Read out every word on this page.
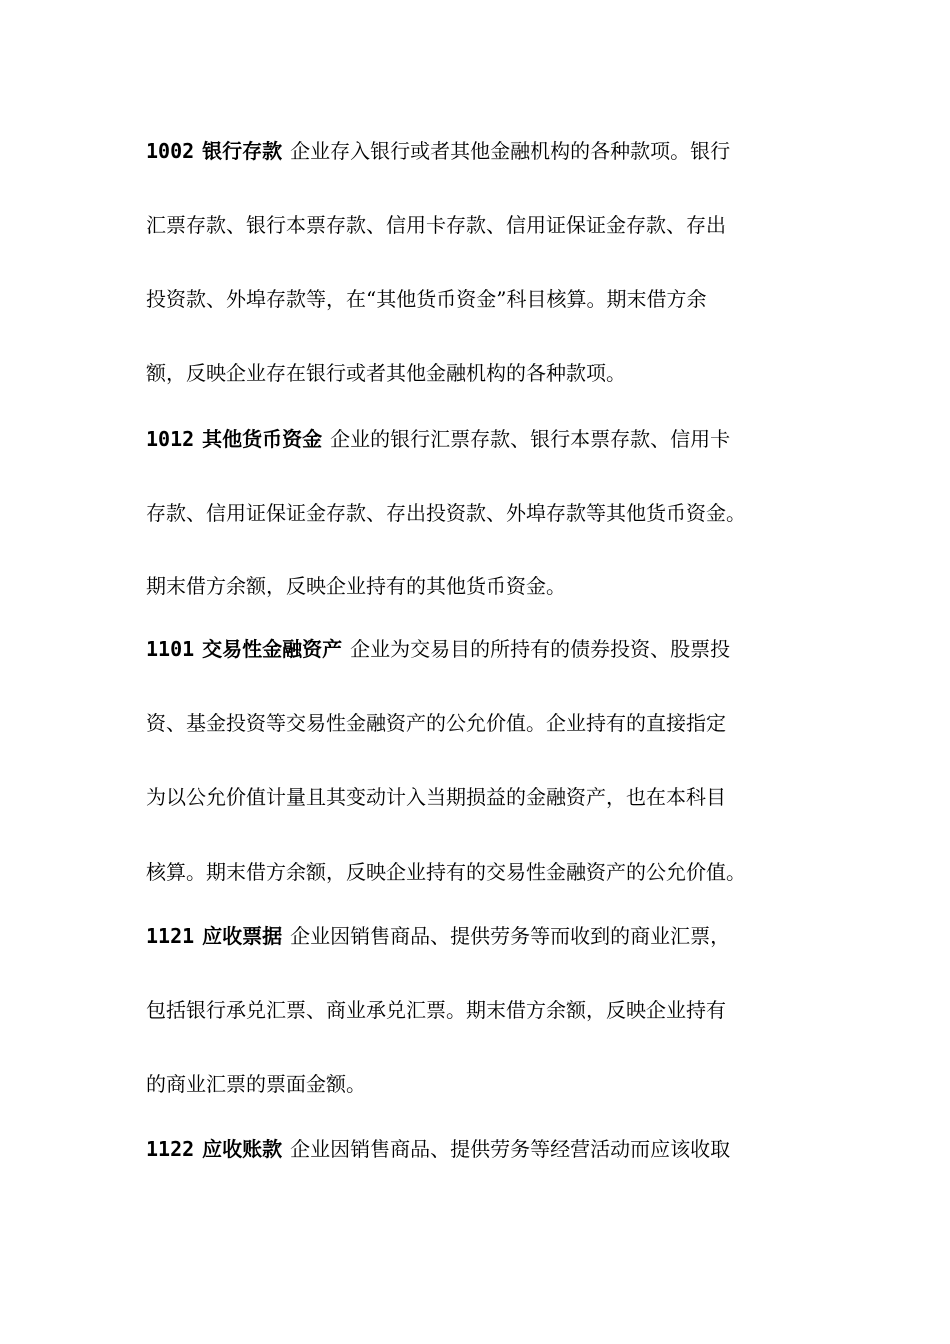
1002 银行存款 企业存入银行或者其他金融机构的各种款项。银行
汇票存款、银行本票存款、信用卡存款、信用证保证金存款、存出
投资款、外埠存款等，在“其他货币资金”科目核算。期末借方余
额，反映企业存在银行或者其他金融机构的各种款项。
1012 其他货币资金 企业的银行汇票存款、银行本票存款、信用卡
存款、信用证保证金存款、存出投资款、外埠存款等其他货币资金。
期末借方余额，反映企业持有的其他货币资金。
1101 交易性金融资产 企业为交易目的所持有的债券投资、股票投
资、基金投资等交易性金融资产的公允价值。企业持有的直接指定
为以公允价值计量且其变动计入当期损益的金融资产，也在本科目
核算。期末借方余额，反映企业持有的交易性金融资产的公允价值。
1121 应收票据 企业因销售商品、提供劳务等而收到的商业汇票，
包括银行承兑汇票、商业承兑汇票。期末借方余额，反映企业持有
的商业汇票的票面金额。
1122 应收账款 企业因销售商品、提供劳务等经营活动而应该收取
